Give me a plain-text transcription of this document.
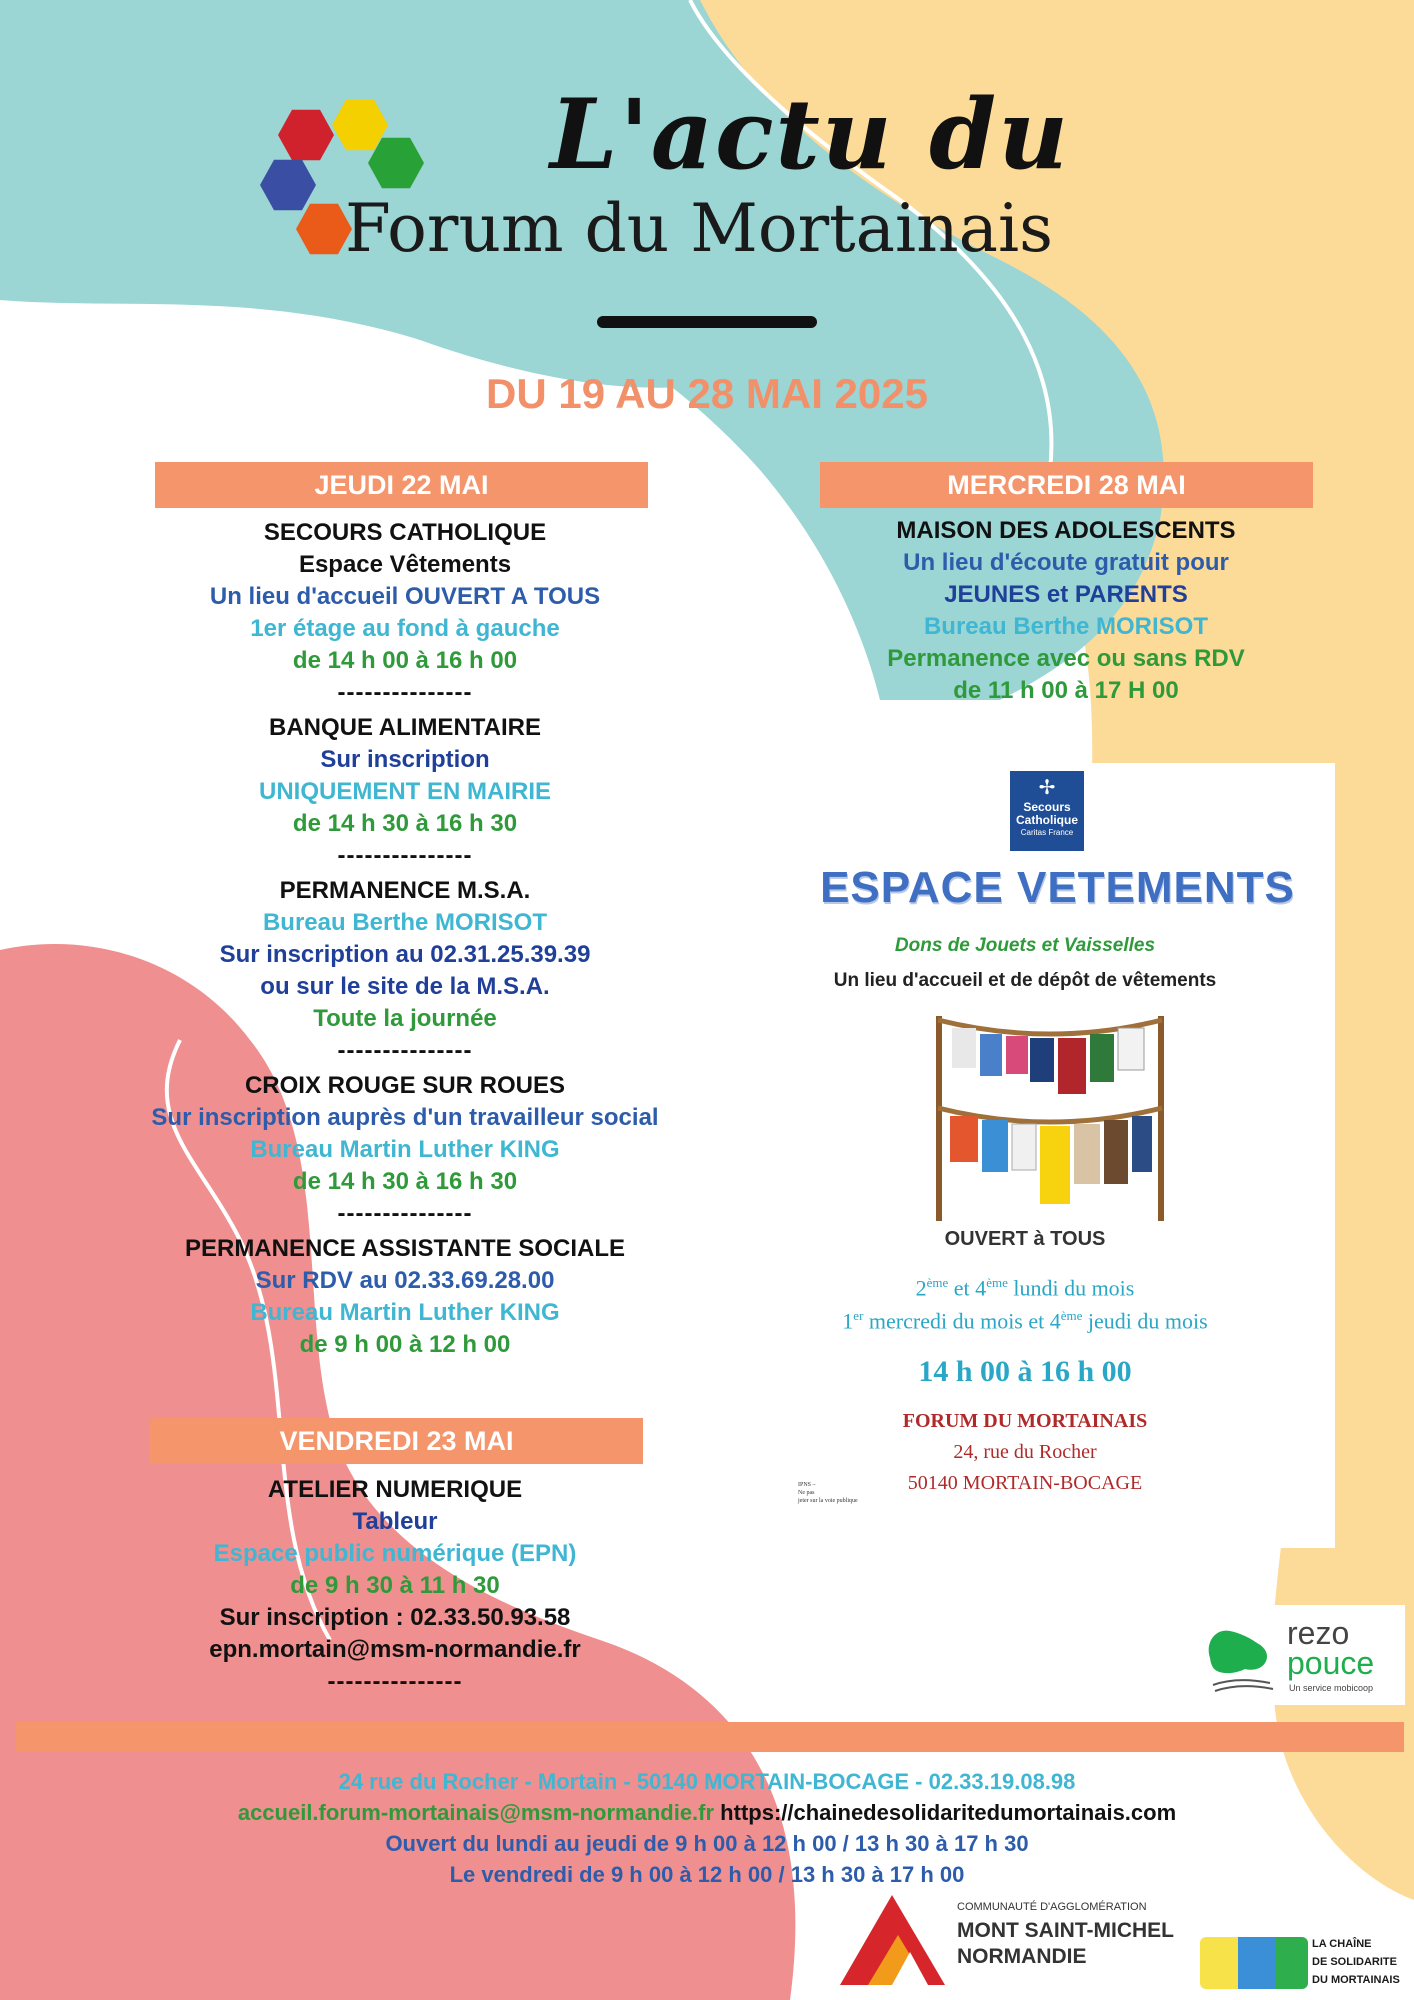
L'actu du
Forum du Mortainais
DU 19 AU 28 MAI 2025
JEUDI 22 MAI
SECOURS CATHOLIQUE
Espace Vêtements
Un lieu d'accueil OUVERT A TOUS
1er étage au fond à gauche
de 14 h 00 à 16 h 00
---------------
BANQUE ALIMENTAIRE
Sur inscription
UNIQUEMENT EN MAIRIE
de 14 h 30 à 16 h 30
---------------
PERMANENCE M.S.A.
Bureau Berthe MORISOT
Sur inscription au 02.31.25.39.39
ou sur le site de la M.S.A.
Toute la journée
---------------
CROIX ROUGE SUR ROUES
Sur inscription auprès d'un travailleur social
Bureau Martin Luther KING
de 14 h 30 à 16 h 30
---------------
PERMANENCE ASSISTANTE SOCIALE
Sur RDV au 02.33.69.28.00
Bureau Martin Luther KING
de 9 h 00 à 12 h 00
VENDREDI 23 MAI
ATELIER NUMERIQUE
Tableur
Espace public numérique (EPN)
de 9 h 30 à 11 h 30
Sur inscription : 02.33.50.93.58
epn.mortain@msm-normandie.fr
---------------
MERCREDI 28 MAI
MAISON DES ADOLESCENTS
Un lieu d'écoute gratuit pour
JEUNES et PARENTS
Bureau Berthe MORISOT
Permanence avec ou sans RDV
de 11 h 00 à 17 H 00
✢
Secours
Catholique
Caritas France
ESPACE VETEMENTS
Dons de Jouets et Vaisselles
Un lieu d'accueil et de dépôt de vêtements
OUVERT à TOUS
2ème et 4ème lundi du mois
1er mercredi du mois et 4ème jeudi du mois
14 h 00 à 16 h 00
FORUM DU MORTAINAIS
24, rue du Rocher
50140 MORTAIN-BOCAGE
IPNS –
Ne pas
jeter sur la voie publique
rezo
pouce
Un service mobicoop
24 rue du Rocher - Mortain - 50140 MORTAIN-BOCAGE - 02.33.19.08.98
accueil.forum-mortainais@msm-normandie.fr https://chainedesolidaritedumortainais.com
Ouvert du lundi au jeudi de 9 h 00 à 12 h 00 / 13 h 30 à 17 h 30
Le vendredi de 9 h 00 à 12 h 00 / 13 h 30 à 17 h 00
COMMUNAUTÉ D'AGGLOMÉRATION
MONT SAINT-MICHEL
NORMANDIE
LA CHAÎNE
DE SOLIDARITE
DU MORTAINAIS
